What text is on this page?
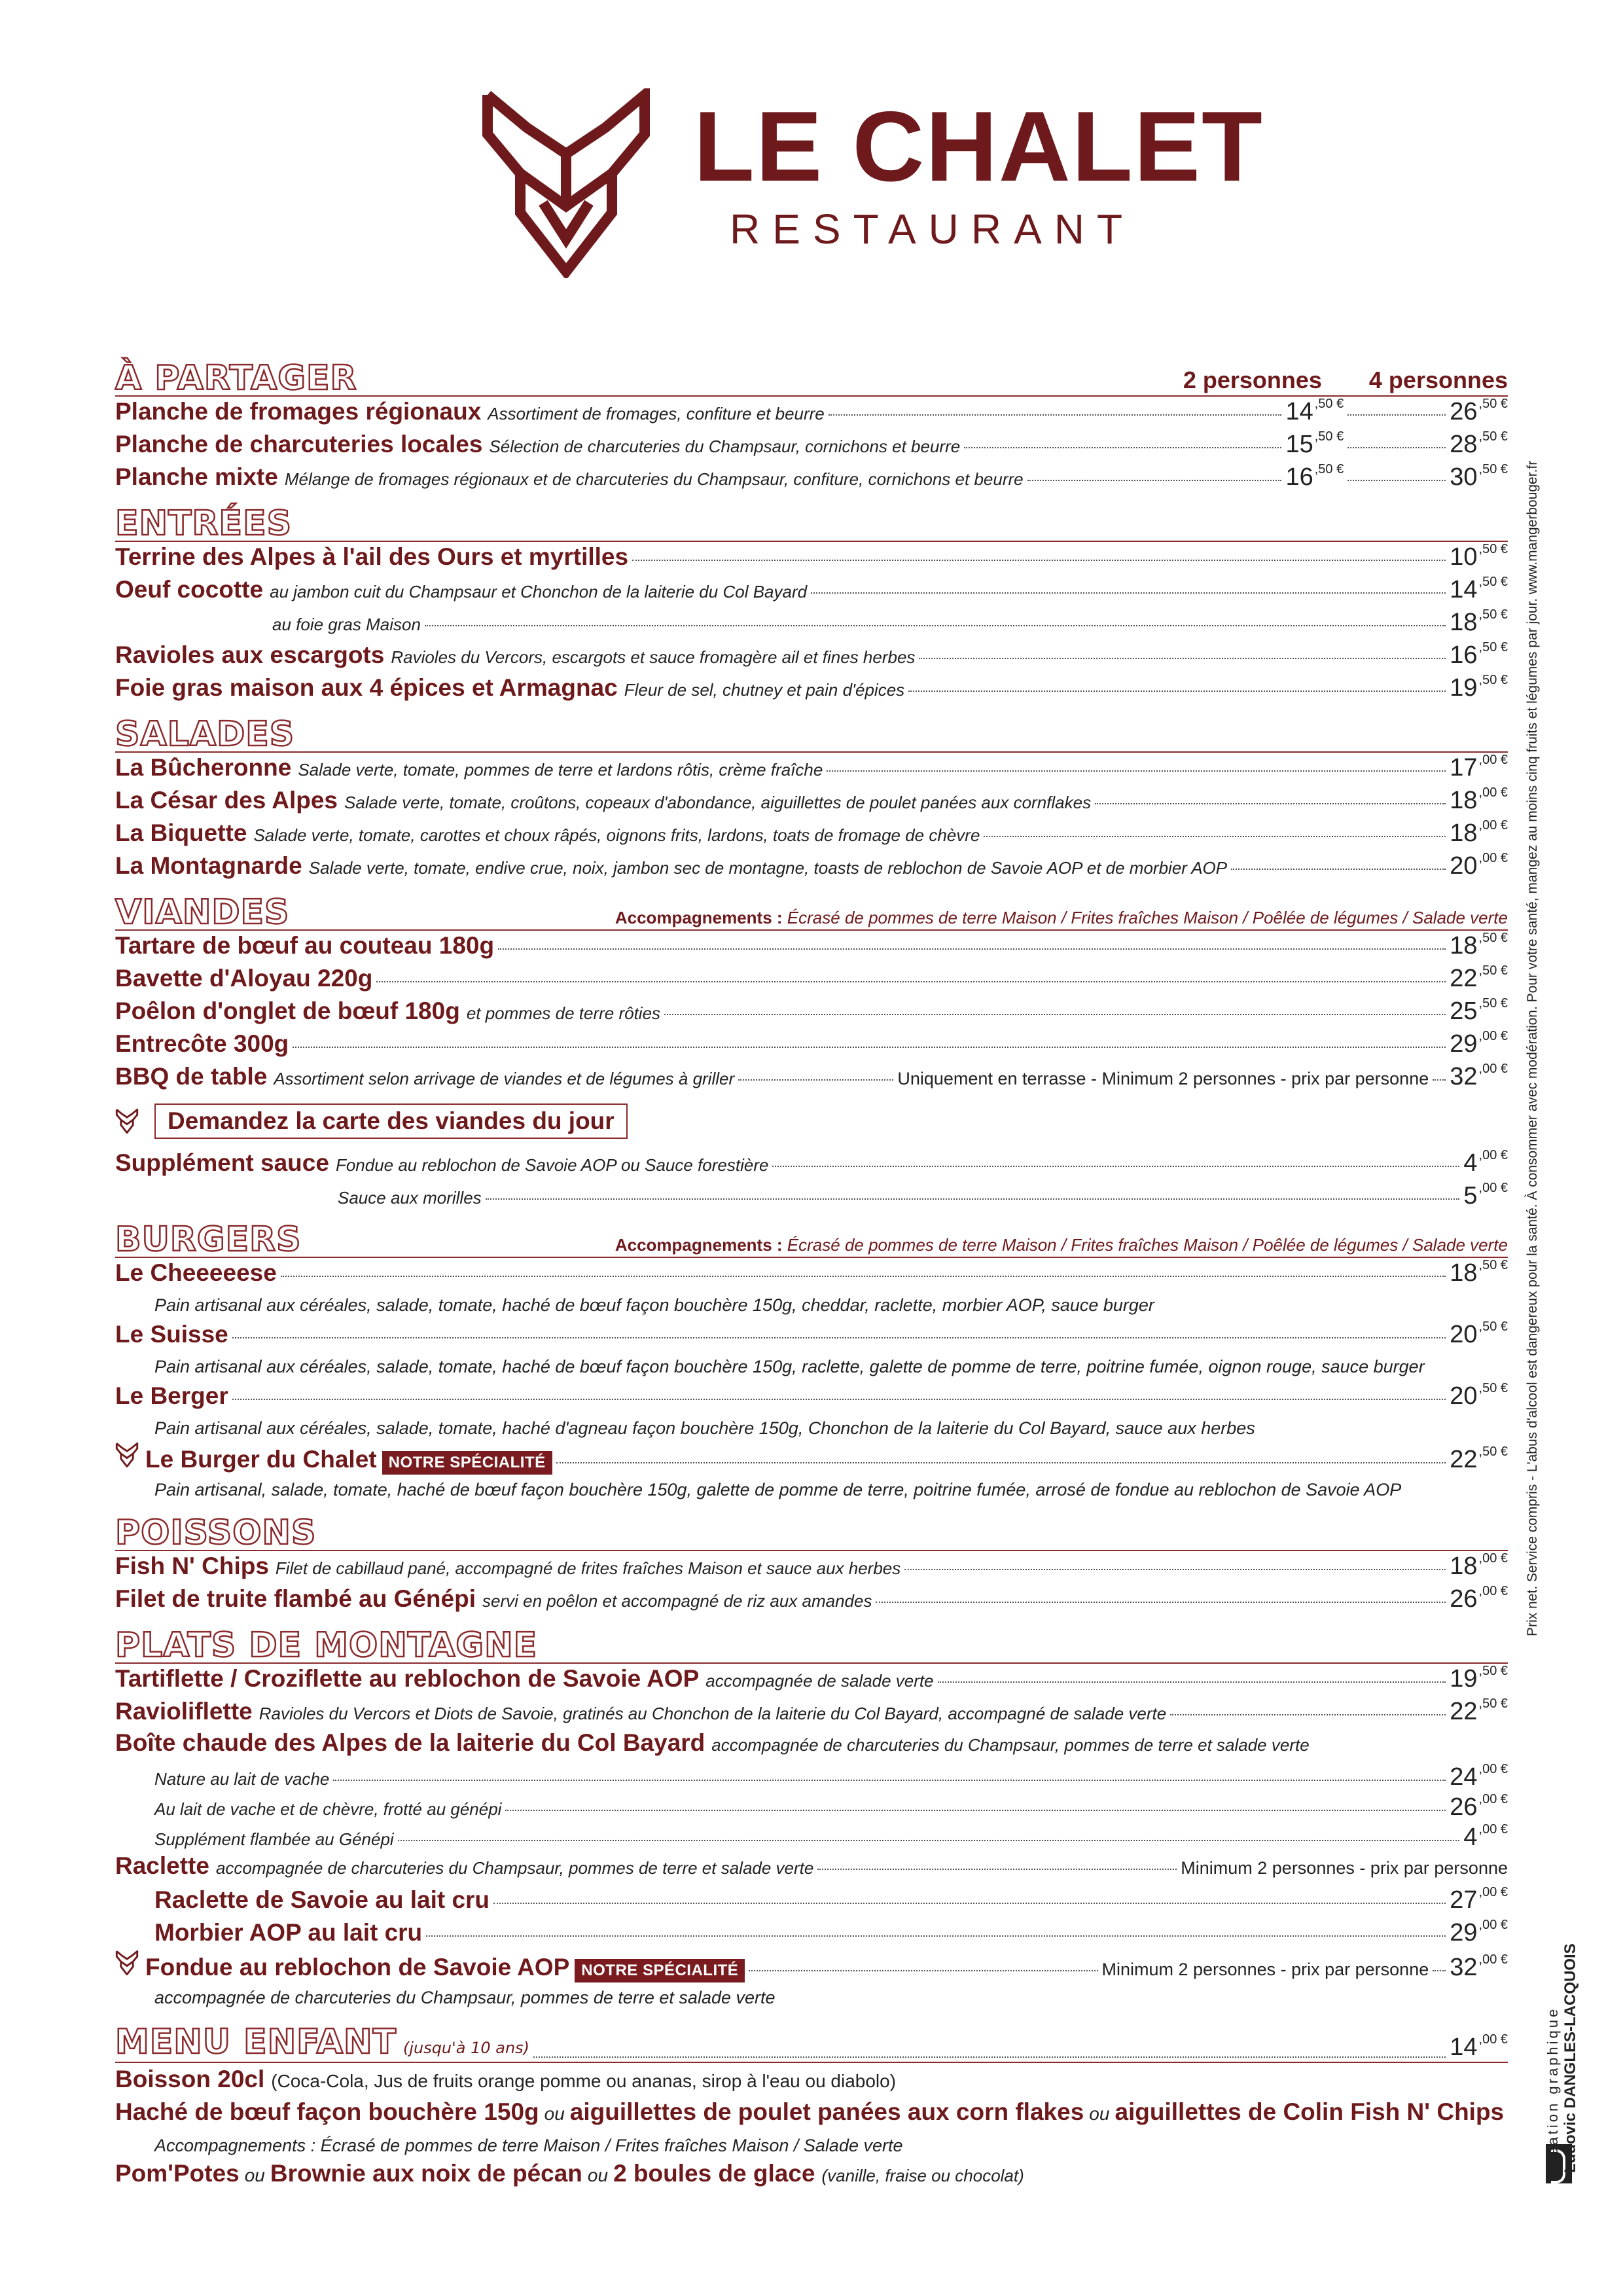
LE CHALET
RESTAURANT
À PARTAGER	2 personnes 4 personnes
Planche de fromages régionaux Assortiment de fromages, confiture et beurre	14 $^{,50 €}$	26 $^{,50 €}$
Planche de charcuteries locales Sélection de charcuteries du Champsaur, cornichons et beurre	15 $^{,50 €}$	28 $^{,50 €}$
Planche mixte Mélange de fromages régionaux et de charcuteries du Champsaur, confiture, cornichons et beurre	16 $^{,50 €}$	30 $^{,50 €}$
ENTRÉES
Terrine des Alpes à l'ail des Ours et myrtilles	10 $^{,50 €}$
Oeuf cocotte au jambon cuit du Champsaur et Chonchon de la laiterie du Col Bayard	14 $^{,50 €}$
au foie gras Maison	18 $^{,50 €}$
Ravioles aux escargots Ravioles du Vercors, escargots et sauce fromagère ail et fines herbes	16 $^{,50 €}$
Foie gras maison aux 4 épices et Armagnac Fleur de sel, chutney et pain d'épices	19 $^{,50 €}$
SALADES
La Bûcheronne Salade verte, tomate, pommes de terre et lardons rôtis, crème fraîche	17 $^{,00 €}$
La César des Alpes Salade verte, tomate, croûtons, copeaux d'abondance, aiguillettes de poulet panées aux cornflakes	18 $^{,00 €}$
La Biquette Salade verte, tomate, carottes et choux râpés, oignons frits, lardons, toats de fromage de chèvre	18 $^{,00 €}$
La Montagnarde Salade verte, tomate, endive crue, noix, jambon sec de montagne, toasts de reblochon de Savoie AOP et de morbier AOP	20 $^{,00 €}$
VIANDES	Accompagnements : Écrasé de pommes de terre Maison / Frites fraîches Maison / Poêlée de légumes / Salade verte
Tartare de bœuf au couteau 180g	18 $^{,50 €}$
Bavette d'Aloyau 220g	22 $^{,50 €}$
Poêlon d'onglet de bœuf 180g et pommes de terre rôties	25 $^{,50 €}$
Entrecôte 300g	29 $^{,00 €}$
BBQ de table Assortiment selon arrivage de viandes et de légumes à griller	Uniquement en terrasse - Minimum 2 personnes - prix par personne 32 $^{,00 €}$
Demandez la carte des viandes du jour
Supplément sauce Fondue au reblochon de Savoie AOP ou Sauce forestière	4 $^{,00 €}$
Sauce aux morilles	5 $^{,00 €}$
BURGERS	Accompagnements : Écrasé de pommes de terre Maison / Frites fraîches Maison / Poêlée de légumes / Salade verte
Le Cheeeeese	18 $^{,50 €}$
Pain artisanal aux céréales, salade, tomate, haché de bœuf façon bouchère 150g, cheddar, raclette, morbier AOP, sauce burger
Le Suisse	20 $^{,50 €}$
Pain artisanal aux céréales, salade, tomate, haché de bœuf façon bouchère 150g, raclette, galette de pomme de terre, poitrine fumée, oignon rouge, sauce burger
Le Berger	20 $^{,50 €}$
Pain artisanal aux céréales, salade, tomate, haché d'agneau façon bouchère 150g, Chonchon de la laiterie du Col Bayard, sauce aux herbes
Le Burger du Chalet NOTRE SPÉCIALITÉ	22 $^{,50 €}$
Pain artisanal, salade, tomate, haché de bœuf façon bouchère 150g, galette de pomme de terre, poitrine fumée, arrosé de fondue au reblochon de Savoie AOP
POISSONS
Fish N' Chips Filet de cabillaud pané, accompagné de frites fraîches Maison et sauce aux herbes	18 $^{,00 €}$
Filet de truite flambé au Génépi servi en poêlon et accompagné de riz aux amandes	26 $^{,00 €}$
PLATS DE MONTAGNE
Tartiflette / Croziflette au reblochon de Savoie AOP accompagnée de salade verte	19 $^{,50 €}$
Ravioliflette Ravioles du Vercors et Diots de Savoie, gratinés au Chonchon de la laiterie du Col Bayard, accompagné de salade verte	22 $^{,50 €}$
Boîte chaude des Alpes de la laiterie du Col Bayard accompagnée de charcuteries du Champsaur, pommes de terre et salade verte
Nature au lait de vache	24 $^{,00 €}$
Au lait de vache et de chèvre, frotté au génépi	26 $^{,00 €}$
Supplément flambée au Génépi	4 $^{,00 €}$
Raclette accompagnée de charcuteries du Champsaur, pommes de terre et salade verte	Minimum 2 personnes - prix par personne
Raclette de Savoie au lait cru	27 $^{,00 €}$
Morbier AOP au lait cru	29 $^{,00 €}$
Fondue au reblochon de Savoie AOP NOTRE SPÉCIALITÉ	Minimum 2 personnes - prix par personne 32 $^{,00 €}$
accompagnée de charcuteries du Champsaur, pommes de terre et salade verte
MENU ENFANT (jusqu'à 10 ans)	14 $^{,00 €}$
Boisson 20cl (Coca-Cola, Jus de fruits orange pomme ou ananas, sirop à l'eau ou diabolo)
Haché de bœuf façon bouchère 150g ou aiguillettes de poulet panées aux corn flakes ou aiguillettes de Colin Fish N' Chips
Accompagnements : Écrasé de pommes de terre Maison / Frites fraîches Maison / Salade verte
Pom'Potes ou Brownie aux noix de pécan ou 2 boules de glace (vanille, fraise ou chocolat)
Prix net. Service compris - L'abus d'alcool est dangereux pour la santé. À consommer avec modération. Pour votre santé, mangez au moins cinq fruits et légumes par jour. www.mangerbouger.fr
creation graphique Ludovic DANGLES-LACQUOIS
